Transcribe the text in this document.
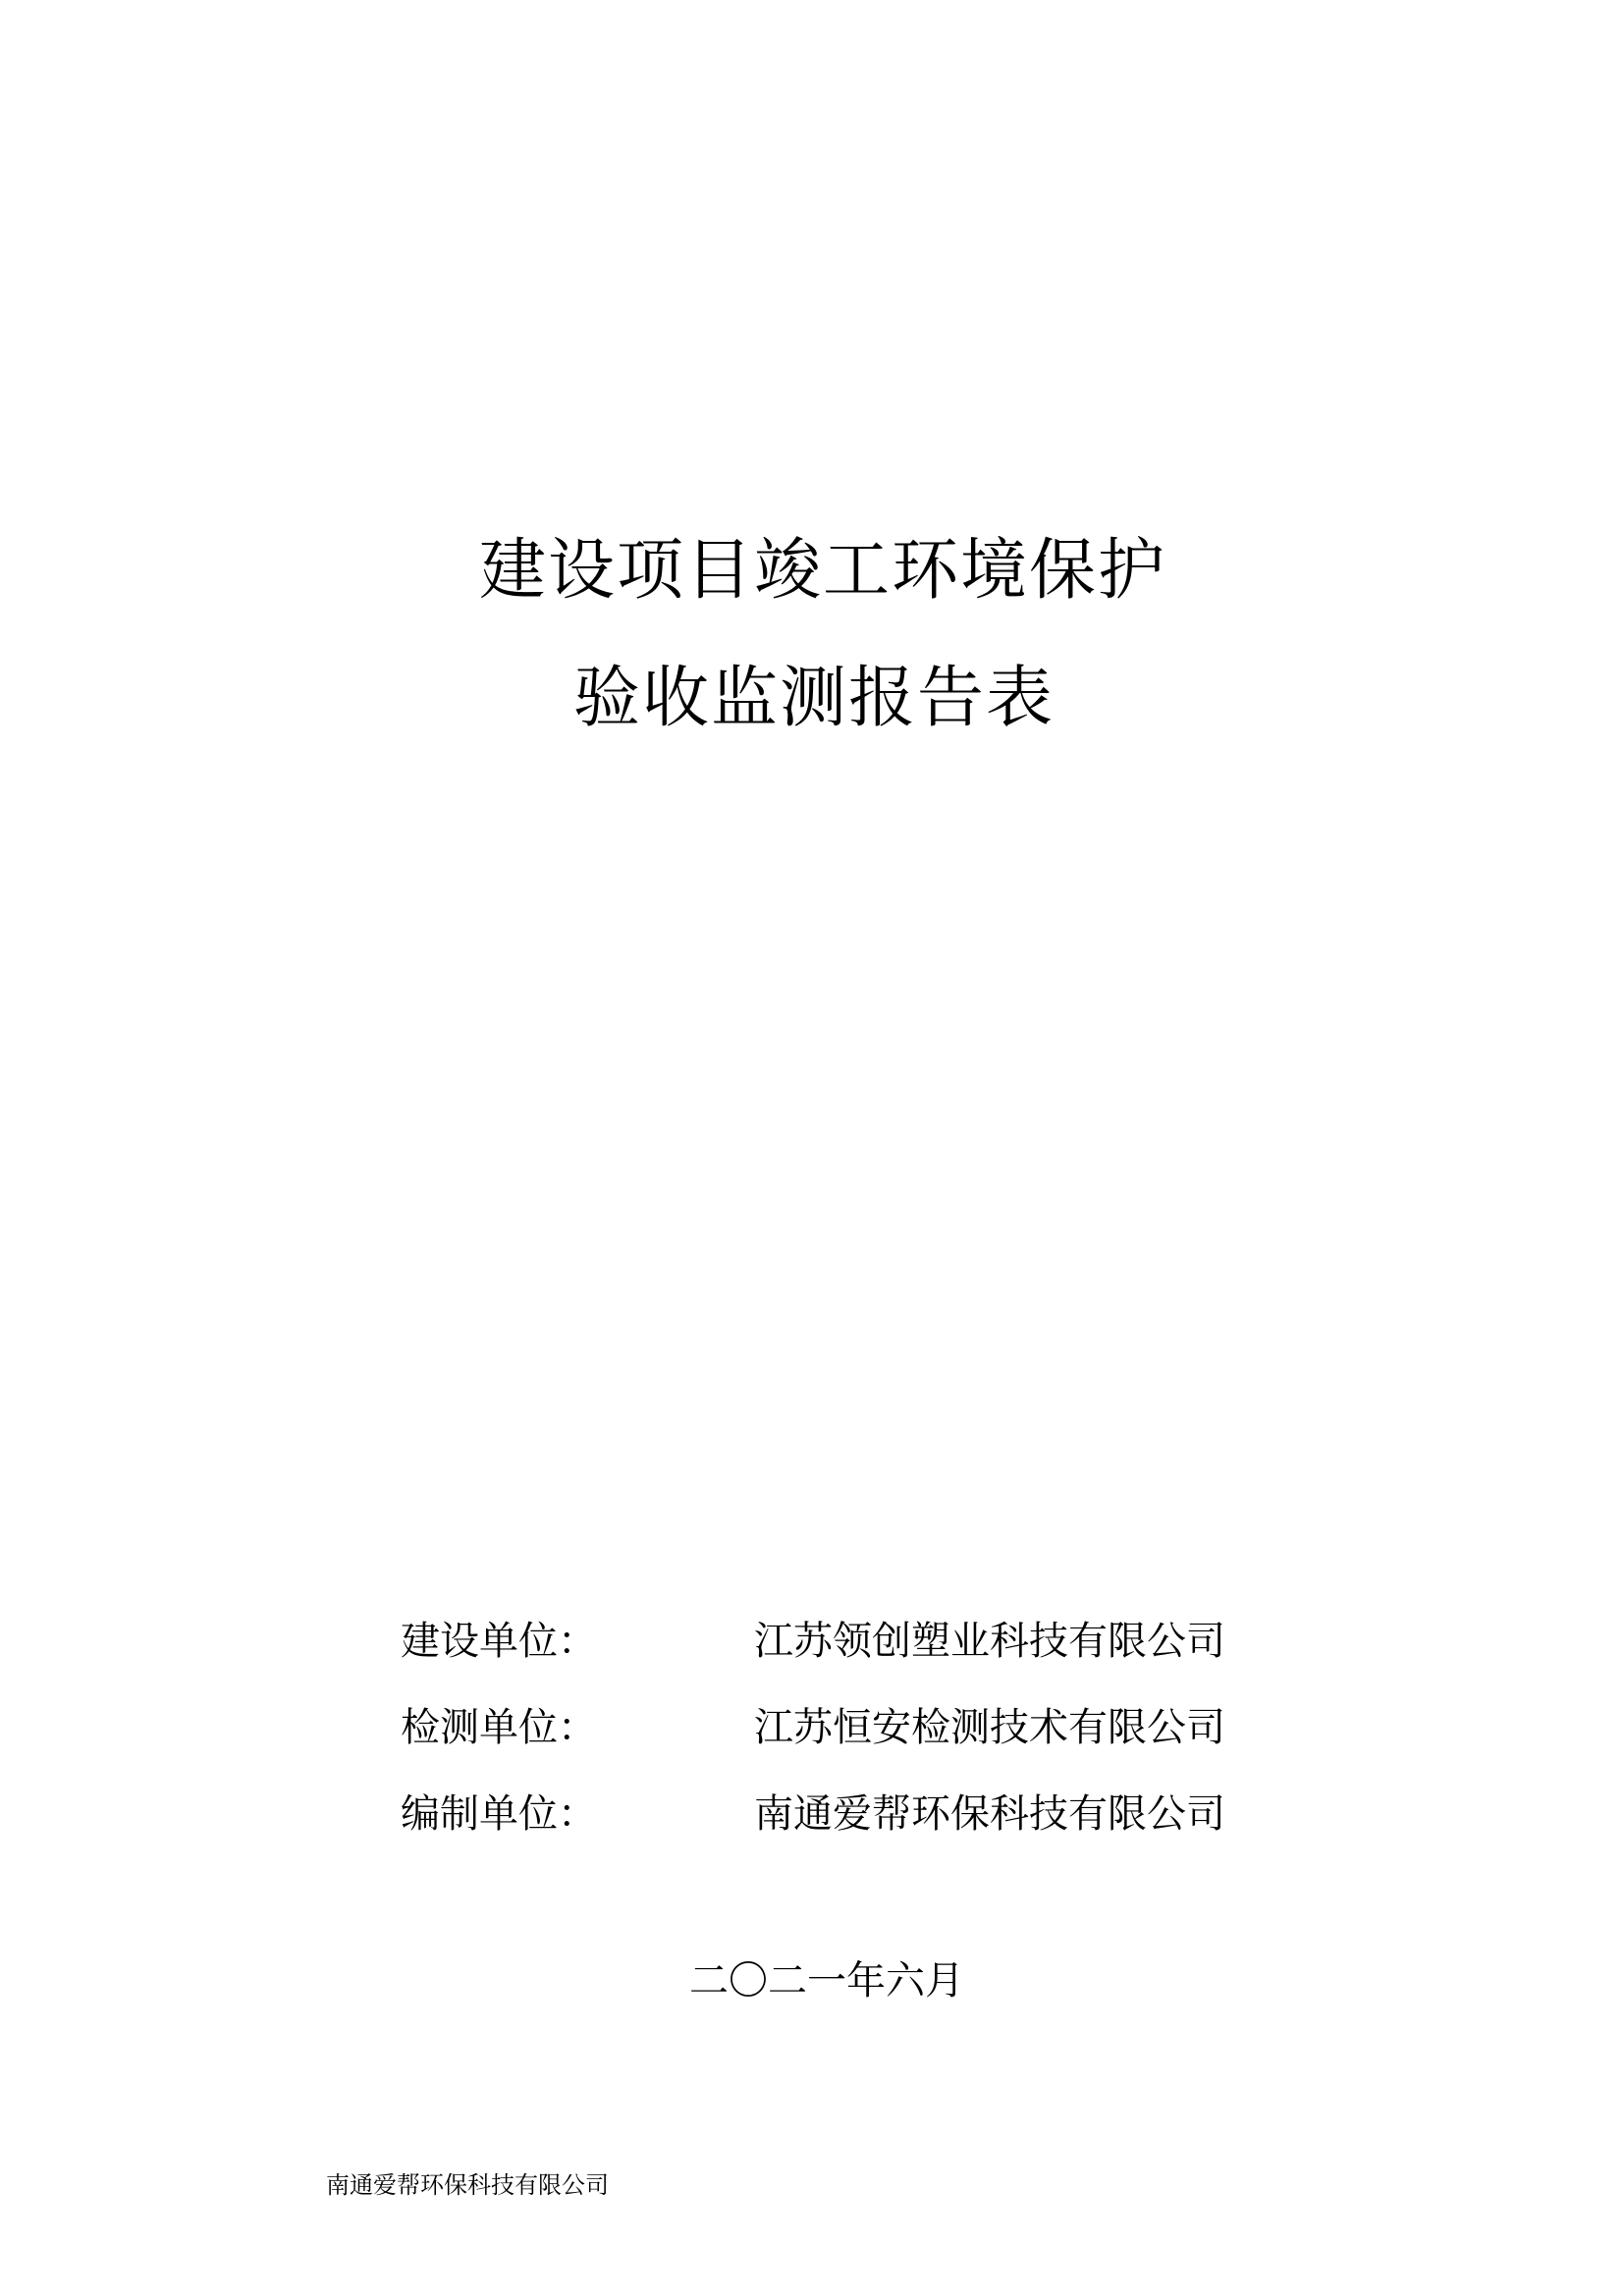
建设项目竣工环境保护
验收监测报告表
建设单位：	江苏领创塑业科技有限公司
检测单位：	江苏恒安检测技术有限公司
编制单位：	南通爱帮环保科技有限公司
二〇二一年六月
南通爱帮环保科技有限公司
